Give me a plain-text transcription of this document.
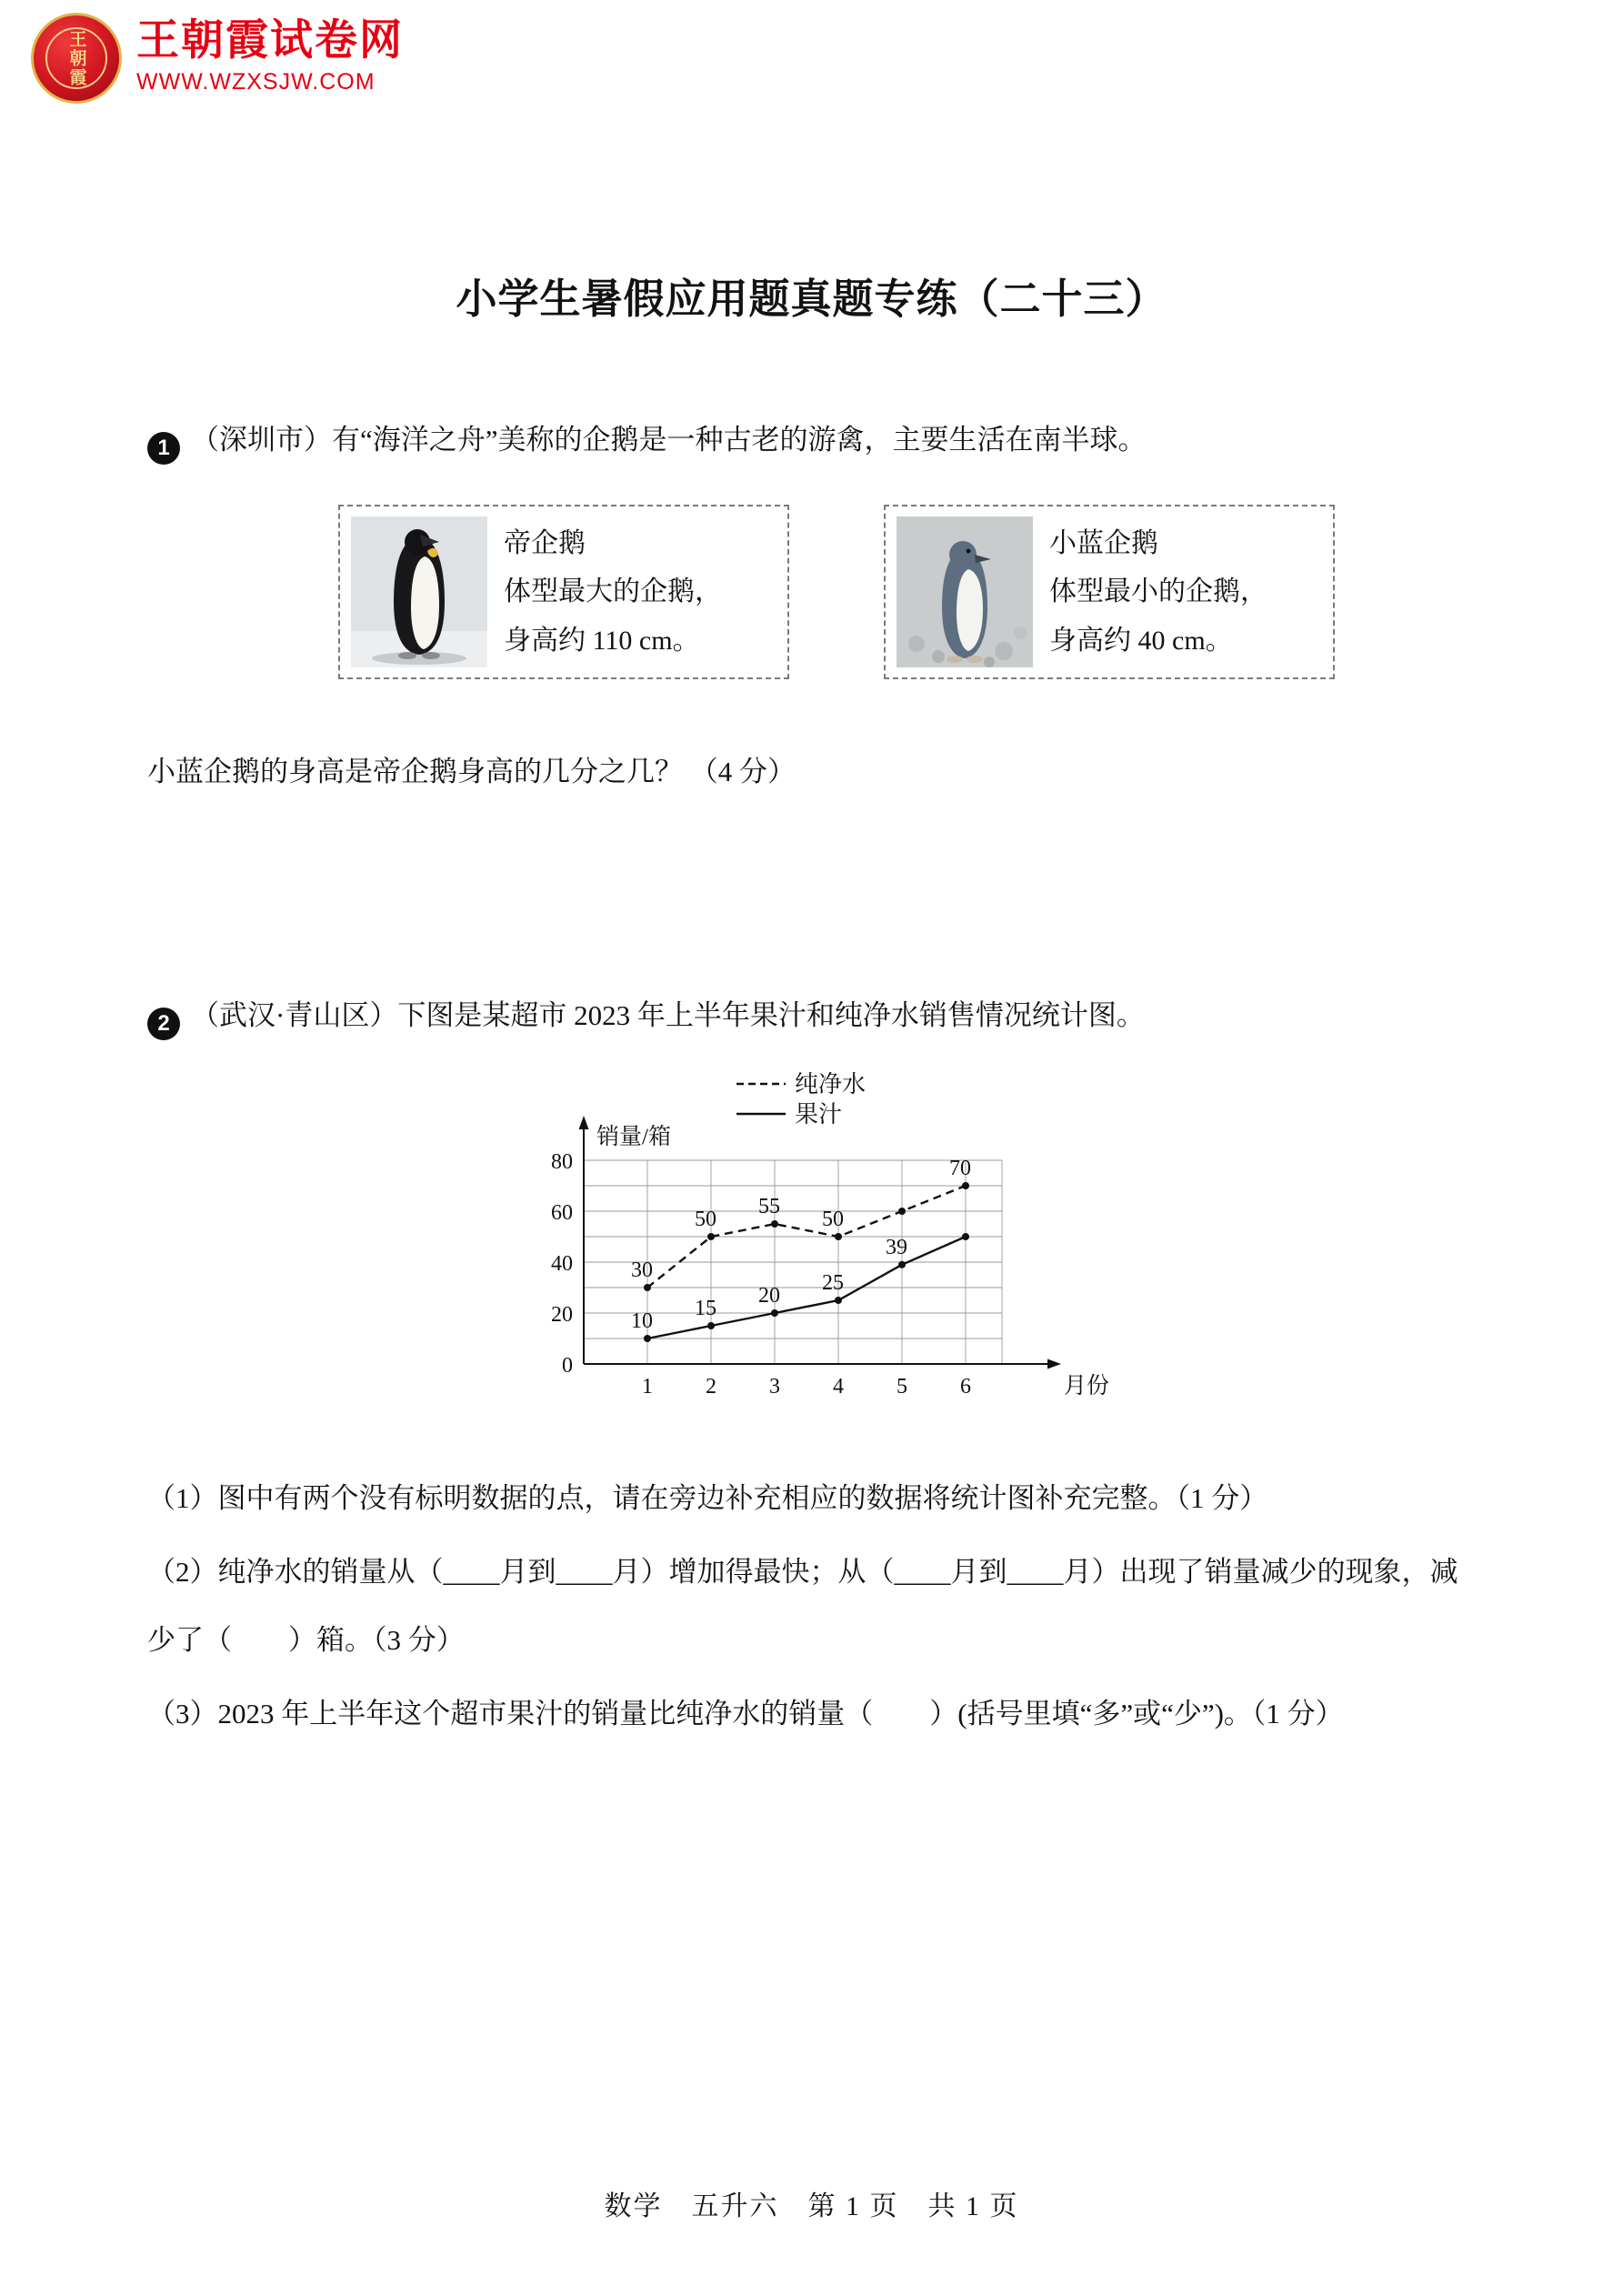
王朝霞	王朝霞试卷网
WWW.WZXSJW.COM
小学生暑假应用题真题专练（二十三）

1 （深圳市）有“海洋之舟”美称的企鹅是一种古老的游禽，主要生活在南半球。

帝企鹅
体型最大的企鹅，
身高约 110 cm。
小蓝企鹅
体型最小的企鹅，
身高约 40 cm。

小蓝企鹅的身高是帝企鹅身高的几分之几？ （4 分）

2 （武汉·青山区）下图是某超市 2023 年上半年果汁和纯净水销售情况统计图。

0
20
40
60
80
1 2 3 4 5 6
销量/箱
月份
纯净水
果汁
30
50
55
50
70
10
15
20
25
39

（1）图中有两个没有标明数据的点，请在旁边补充相应的数据将统计图补充完整。（1 分）

（2）纯净水的销量从（____月到____月）增加得最快；从（____月到____月）出现了销量减少的现象，减少了（　　）箱。（3 分）

（3）2023 年上半年这个超市果汁的销量比纯净水的销量（　　）(括号里填“多”或“少”)。（1 分）

数学　五升六　第 1 页　共 1 页
